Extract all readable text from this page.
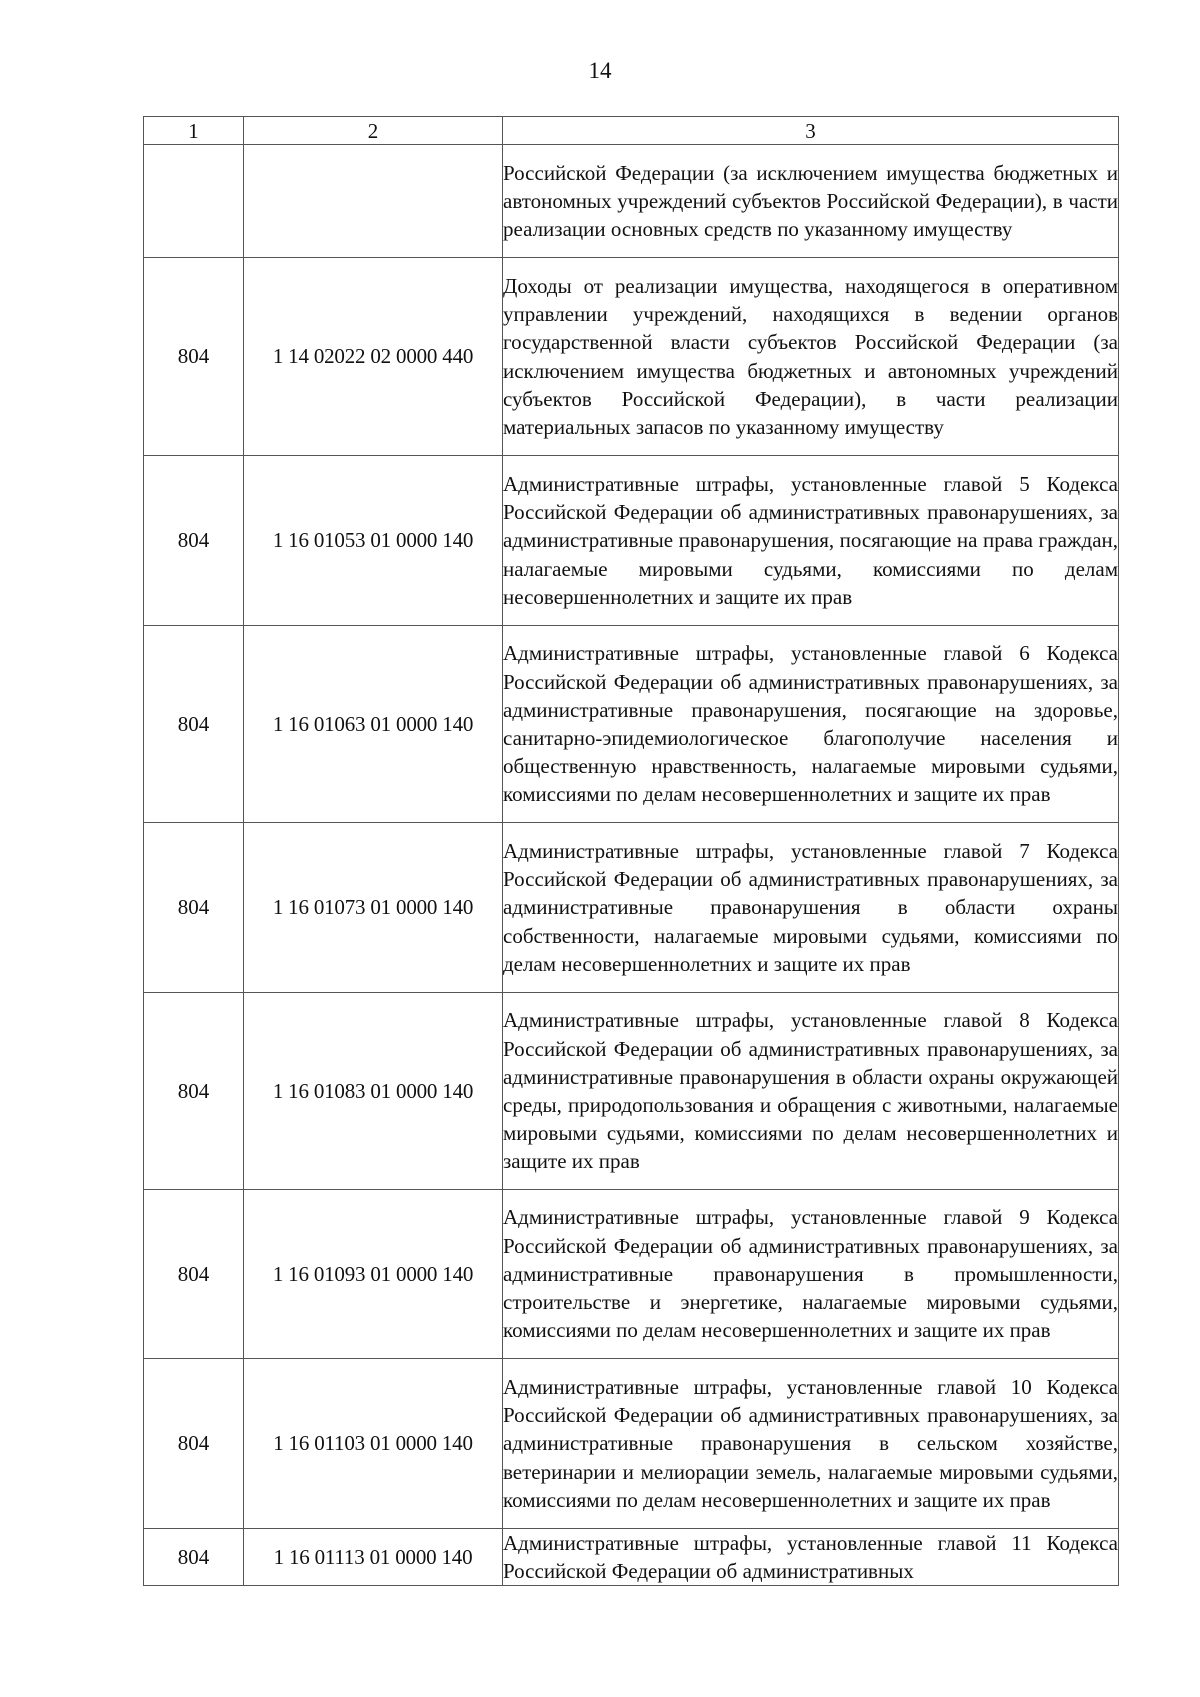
14
1	2	3
		Российской Федерации (за исключением имущества бюджетных и автономных учреждений субъектов Российской Федерации), в части реализации основных средств по указанному имуществу
804	1 14 02022 02 0000 440	Доходы от реализации имущества, находящегося в оперативном управлении учреждений, находящихся в ведении органов государственной власти субъектов Российской Федерации (за исключением имущества бюджетных и автономных учреждений субъектов Российской Федерации), в части реализации материальных запасов по указанному имуществу
804	1 16 01053 01 0000 140	Административные штрафы, установленные главой 5 Кодекса Российской Федерации об административных правонарушениях, за административные правонарушения, посягающие на права граждан, налагаемые мировыми судьями, комиссиями по делам несовершеннолетних и защите их прав
804	1 16 01063 01 0000 140	Административные штрафы, установленные главой 6 Кодекса Российской Федерации об административных правонарушениях, за административные правонарушения, посягающие на здоровье, санитарно-эпидемиологическое благополучие населения и общественную нравственность, налагаемые мировыми судьями, комиссиями по делам несовершеннолетних и защите их прав
804	1 16 01073 01 0000 140	Административные штрафы, установленные главой 7 Кодекса Российской Федерации об административных правонарушениях, за административные правонарушения в области охраны собственности, налагаемые мировыми судьями, комиссиями по делам несовершеннолетних и защите их прав
804	1 16 01083 01 0000 140	Административные штрафы, установленные главой 8 Кодекса Российской Федерации об административных правонарушениях, за административные правонарушения в области охраны окружающей среды, природопользования и обращения с животными, налагаемые мировыми судьями, комиссиями по делам несовершеннолетних и защите их прав
804	1 16 01093 01 0000 140	Административные штрафы, установленные главой 9 Кодекса Российской Федерации об административных правонарушениях, за административные правонарушения в промышленности, строительстве и энергетике, налагаемые мировыми судьями, комиссиями по делам несовершеннолетних и защите их прав
804	1 16 01103 01 0000 140	Административные штрафы, установленные главой 10 Кодекса Российской Федерации об административных правонарушениях, за административные правонарушения в сельском хозяйстве, ветеринарии и мелиорации земель, налагаемые мировыми судьями, комиссиями по делам несовершеннолетних и защите их прав
804	1 16 01113 01 0000 140	Административные штрафы, установленные главой 11 Кодекса Российской Федерации об административных
